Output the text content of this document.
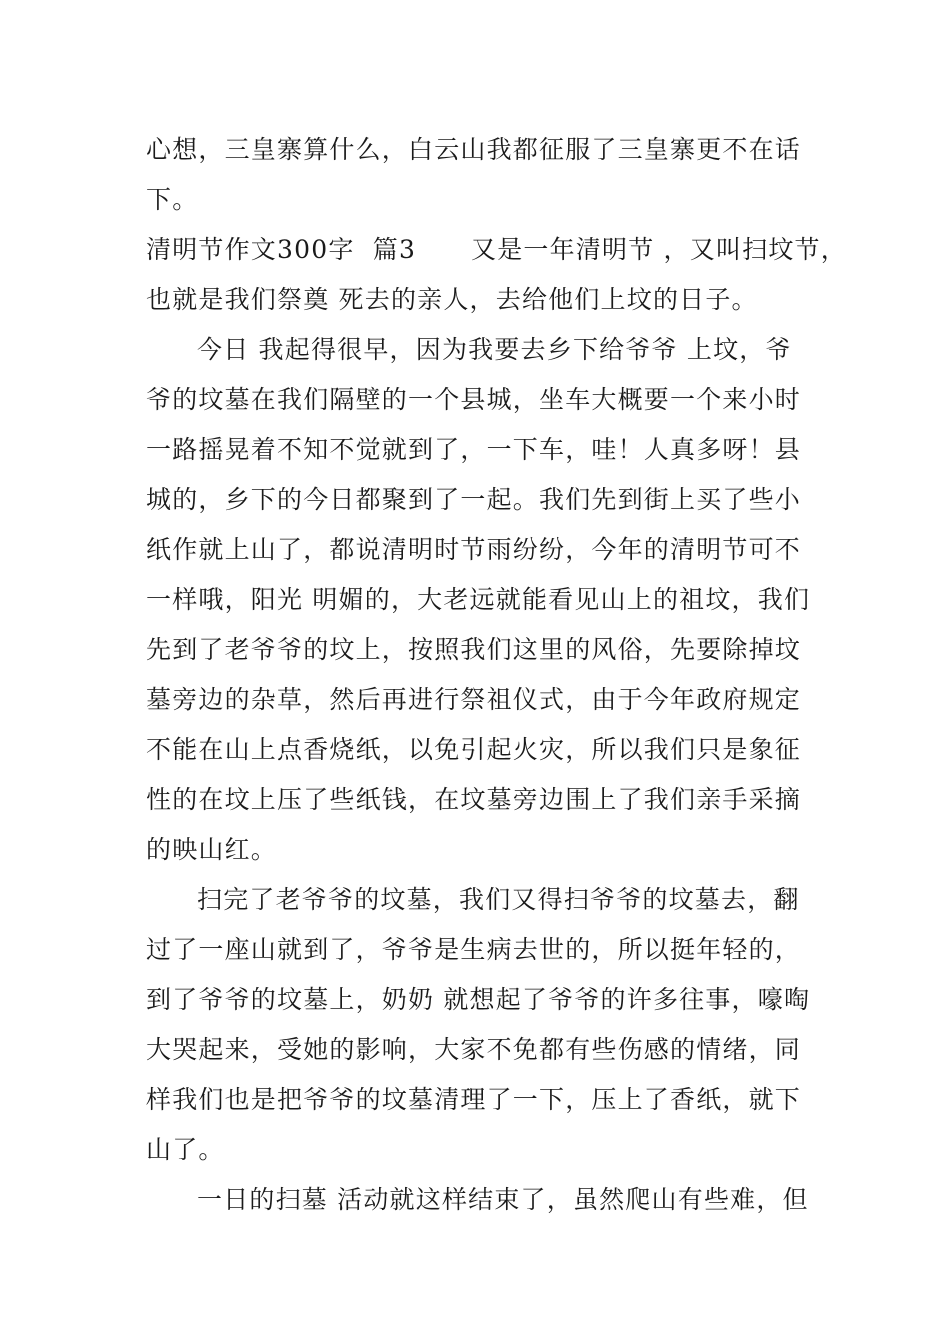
心想，三皇寨算什么，白云山我都征服了三皇寨更不在话
下。
清明节作文300字  篇3      又是一年清明节 ，又叫扫坟节，
也就是我们祭奠 死去的亲人，去给他们上坟的日子。
今日 我起得很早，因为我要去乡下给爷爷 上坟，爷
爷的坟墓在我们隔壁的一个县城，坐车大概要一个来小时
一路摇晃着不知不觉就到了，一下车，哇！人真多呀！县
城的，乡下的今日都聚到了一起。我们先到街上买了些小
纸作就上山了，都说清明时节雨纷纷，今年的清明节可不
一样哦，阳光 明媚的，大老远就能看见山上的祖坟，我们
先到了老爷爷的坟上，按照我们这里的风俗，先要除掉坟
墓旁边的杂草，然后再进行祭祖仪式，由于今年政府规定
不能在山上点香烧纸，以免引起火灾，所以我们只是象征
性的在坟上压了些纸钱，在坟墓旁边围上了我们亲手采摘
的映山红。
扫完了老爷爷的坟墓，我们又得扫爷爷的坟墓去，翻
过了一座山就到了，爷爷是生病去世的，所以挺年轻的，
到了爷爷的坟墓上，奶奶 就想起了爷爷的许多往事，嚎啕
大哭起来，受她的影响，大家不免都有些伤感的情绪，同
样我们也是把爷爷的坟墓清理了一下，压上了香纸，就下
山了。
一日的扫墓 活动就这样结束了，虽然爬山有些难，但
